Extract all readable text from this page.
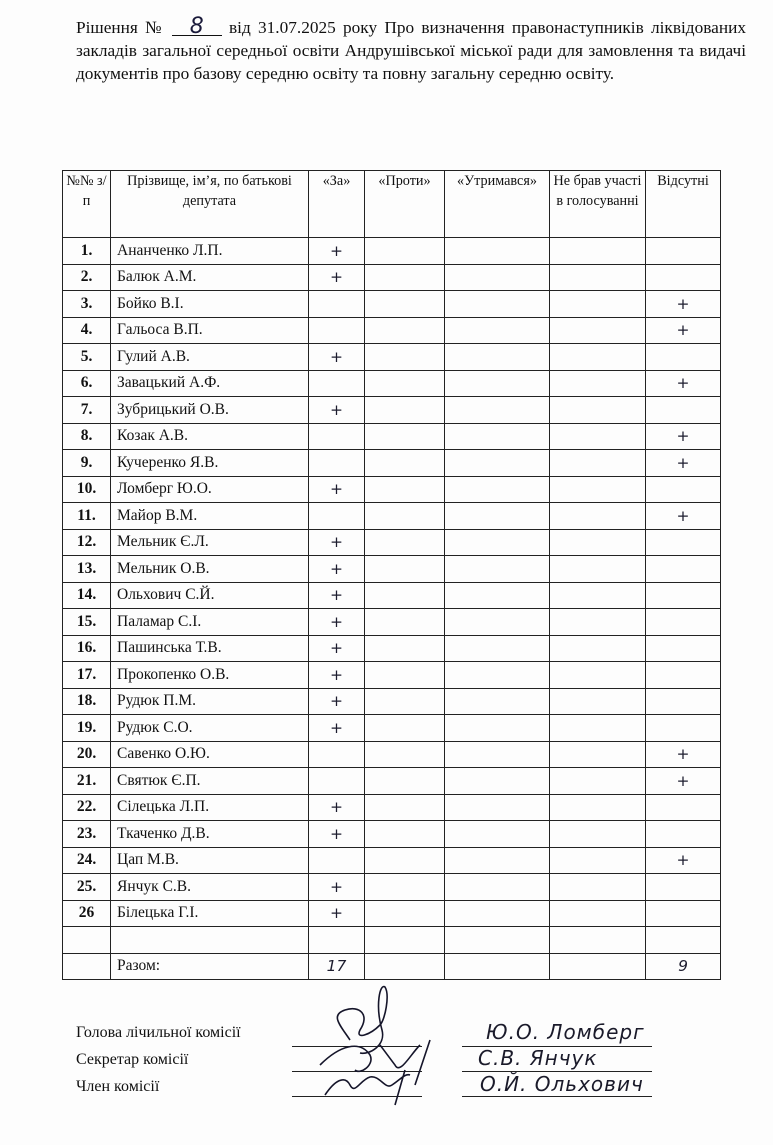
Рішення № 8 від 31.07.2025 року Про визначення правонаступників ліквідованих закладів загальної середньої освіти Андрушівської міської ради для замовлення та видачі документів про базову середню освіту та повну загальну середню освіту.
№№ з/п	Прізвище, ім’я, по батькові депутата	«За»	«Проти»	«Утримався»	Не брав участі в голосуванні	Відсутні
1.	Ананченко Л.П.	+				
2.	Балюк А.М.	+				
3.	Бойко В.І.					+
4.	Гальоса В.П.					+
5.	Гулий А.В.	+				
6.	Завацький А.Ф.					+
7.	Зубрицький О.В.	+				
8.	Козак А.В.					+
9.	Кучеренко Я.В.					+
10.	Ломберг Ю.О.	+				
11.	Майор В.М.					+
12.	Мельник Є.Л.	+				
13.	Мельник О.В.	+				
14.	Ольхович С.Й.	+				
15.	Паламар С.І.	+				
16.	Пашинська Т.В.	+				
17.	Прокопенко О.В.	+				
18.	Рудюк П.М.	+				
19.	Рудюк С.О.	+				
20.	Савенко О.Ю.					+
21.	Святюк Є.П.					+
22.	Сілецька Л.П.	+				
23.	Ткаченко Д.В.	+				
24.	Цап М.В.					+
25.	Янчук С.В.	+				
26	Білецька Г.І.	+				

	Разом:	17				9
Голова лічильної комісії
Секретар комісії
Член комісії
Ю.О. Ломберг
С.В. Янчук
О.Й. Ольхович
